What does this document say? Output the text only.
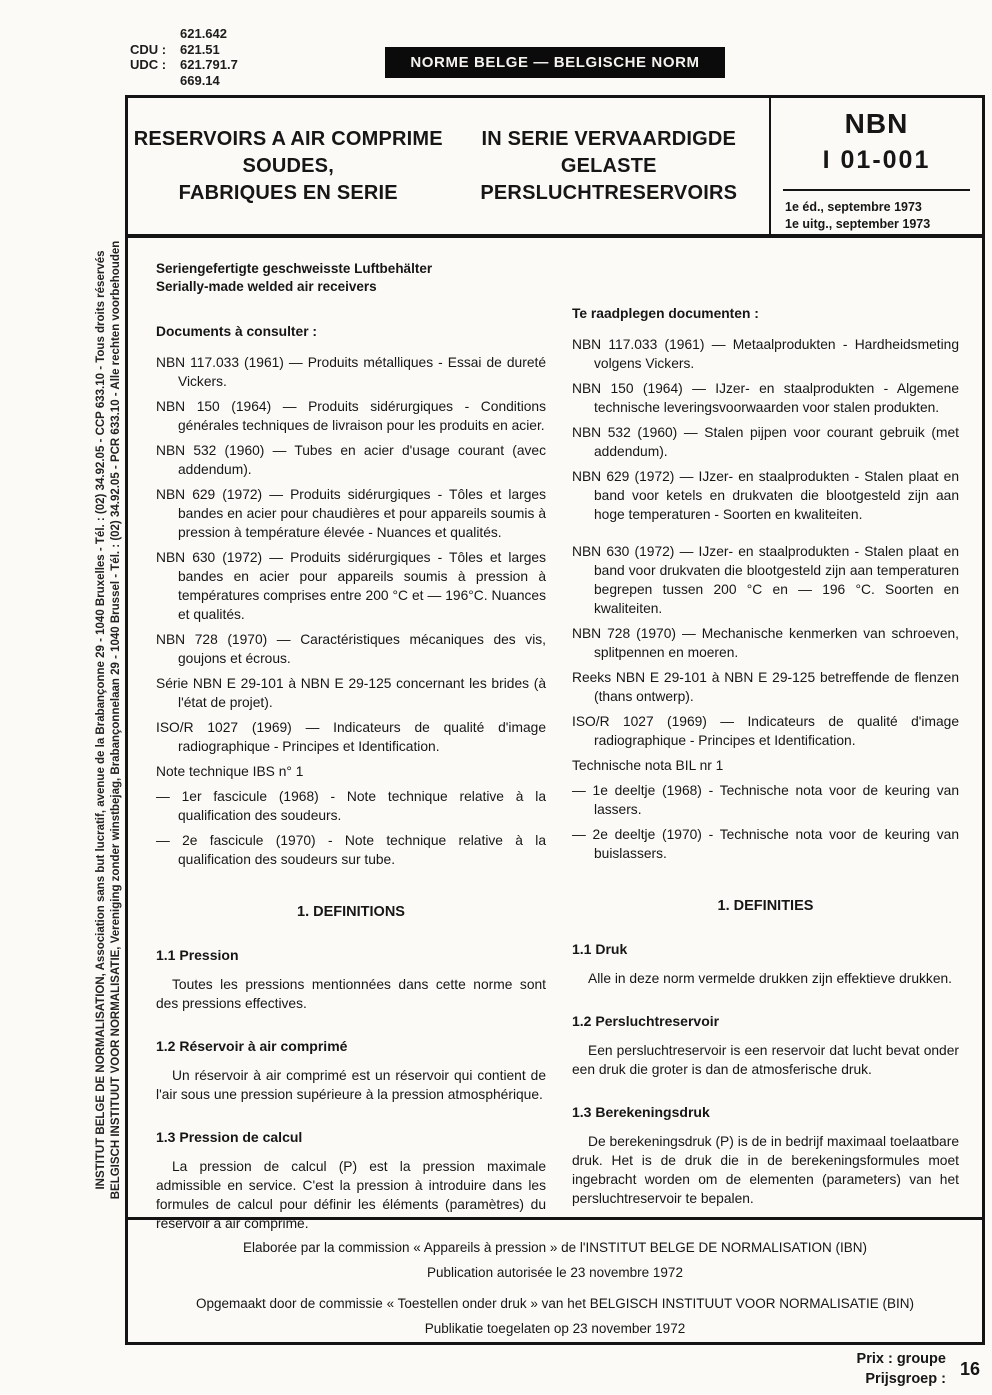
621.642
CDU :	621.51
UDC :	621.791.7
669.14
NORME BELGE — BELGISCHE NORM
INSTITUT BELGE DE NORMALISATION, Association sans but lucratif, avenue de la Brabançonne 29 - 1040 Bruxelles - Tél. : (02) 34.92.05 - CCP 633.10 - Tous droits réservés BELGISCH INSTITUUT VOOR NORMALISATIE, Vereniging zonder winstbejag, Brabançonnelaan 29 - 1040 Brussel - Tél. : (02) 34.92.05 - PCR 633.10 - Alle rechten voorbehouden
RESERVOIRS A AIR COMPRIME
SOUDES,
FABRIQUES EN SERIE
IN SERIE VERVAARDIGDE
GELASTE
PERSLUCHTRESERVOIRS
NBN
I 01-001
1e éd., septembre 1973
1e uitg., september 1973

Seriengefertigte geschweisste Luftbehälter

Serially-made welded air receivers

Documents à consulter :

NBN 117.033 (1961) — Produits métalliques - Essai de dureté Vickers.

NBN 150 (1964) — Produits sidérurgiques - Conditions générales techniques de livraison pour les produits en acier.

NBN 532 (1960) — Tubes en acier d'usage courant (avec addendum).

NBN 629 (1972) — Produits sidérurgiques - Tôles et larges bandes en acier pour chaudières et pour appareils soumis à pression à température élevée - Nuances et qualités.

NBN 630 (1972) — Produits sidérurgiques - Tôles et larges bandes en acier pour appareils soumis à pression à températures comprises entre 200 °C et — 196°C. Nuances et qualités.

NBN 728 (1970) — Caractéristiques mécaniques des vis, goujons et écrous.

Série NBN E 29-101 à NBN E 29-125 concernant les brides (à l'état de projet).

ISO/R 1027 (1969) — Indicateurs de qualité d'image radiographique - Principes et Identification.

Note technique IBS n° 1

— 1er fascicule (1968) - Note technique relative à la qualification des soudeurs.

— 2e fascicule (1970) - Note technique relative à la qualification des soudeurs sur tube.

1. DEFINITIONS
1.1 Pression

Toutes les pressions mentionnées dans cette norme sont des pressions effectives.

1.2 Réservoir à air comprimé

Un réservoir à air comprimé est un réservoir qui contient de l'air sous une pression supérieure à la pression atmosphérique.

1.3 Pression de calcul

La pression de calcul (P) est la pression maximale admissible en service. C'est la pression à introduire dans les formules de calcul pour définir les éléments (paramètres) du réservoir à air comprimé.

Te raadplegen documenten :

NBN 117.033 (1961) — Metaalprodukten - Hardheidsmeting volgens Vickers.

NBN 150 (1964) — IJzer- en staalprodukten - Algemene technische leveringsvoorwaarden voor stalen produkten.

NBN 532 (1960) — Stalen pijpen voor courant gebruik (met addendum).

NBN 629 (1972) — IJzer- en staalprodukten - Stalen plaat en band voor ketels en drukvaten die blootgesteld zijn aan hoge temperaturen - Soorten en kwaliteiten.

NBN 630 (1972) — IJzer- en staalprodukten - Stalen plaat en band voor drukvaten die blootgesteld zijn aan temperaturen begrepen tussen 200 °C en — 196 °C. Soorten en kwaliteiten.

NBN 728 (1970) — Mechanische kenmerken van schroeven, splitpennen en moeren.

Reeks NBN E 29-101 à NBN E 29-125 betreffende de flenzen (thans ontwerp).

ISO/R 1027 (1969) — Indicateurs de qualité d'image radiographique - Principes et Identification.

Technische nota BIL nr 1

— 1e deeltje (1968) - Technische nota voor de keuring van lassers.

— 2e deeltje (1970) - Technische nota voor de keuring van buislassers.

1. DEFINITIES
1.1 Druk

Alle in deze norm vermelde drukken zijn effektieve drukken.

1.2 Persluchtreservoir

Een persluchtreservoir is een reservoir dat lucht bevat onder een druk die groter is dan de atmosferische druk.

1.3 Berekeningsdruk

De berekeningsdruk (P) is de in bedrijf maximaal toelaatbare druk. Het is de druk die in de berekeningsformules moet ingebracht worden om de elementen (parameters) van het persluchtreservoir te bepalen.

Elaborée par la commission « Appareils à pression » de l'INSTITUT BELGE DE NORMALISATION (IBN)
Publication autorisée le 23 novembre 1972
Opgemaakt door de commissie « Toestellen onder druk » van het BELGISCH INSTITUUT VOOR NORMALISATIE (BIN)
Publikatie toegelaten op 23 november 1972
Prix : groupe
Prijsgroep :
16
